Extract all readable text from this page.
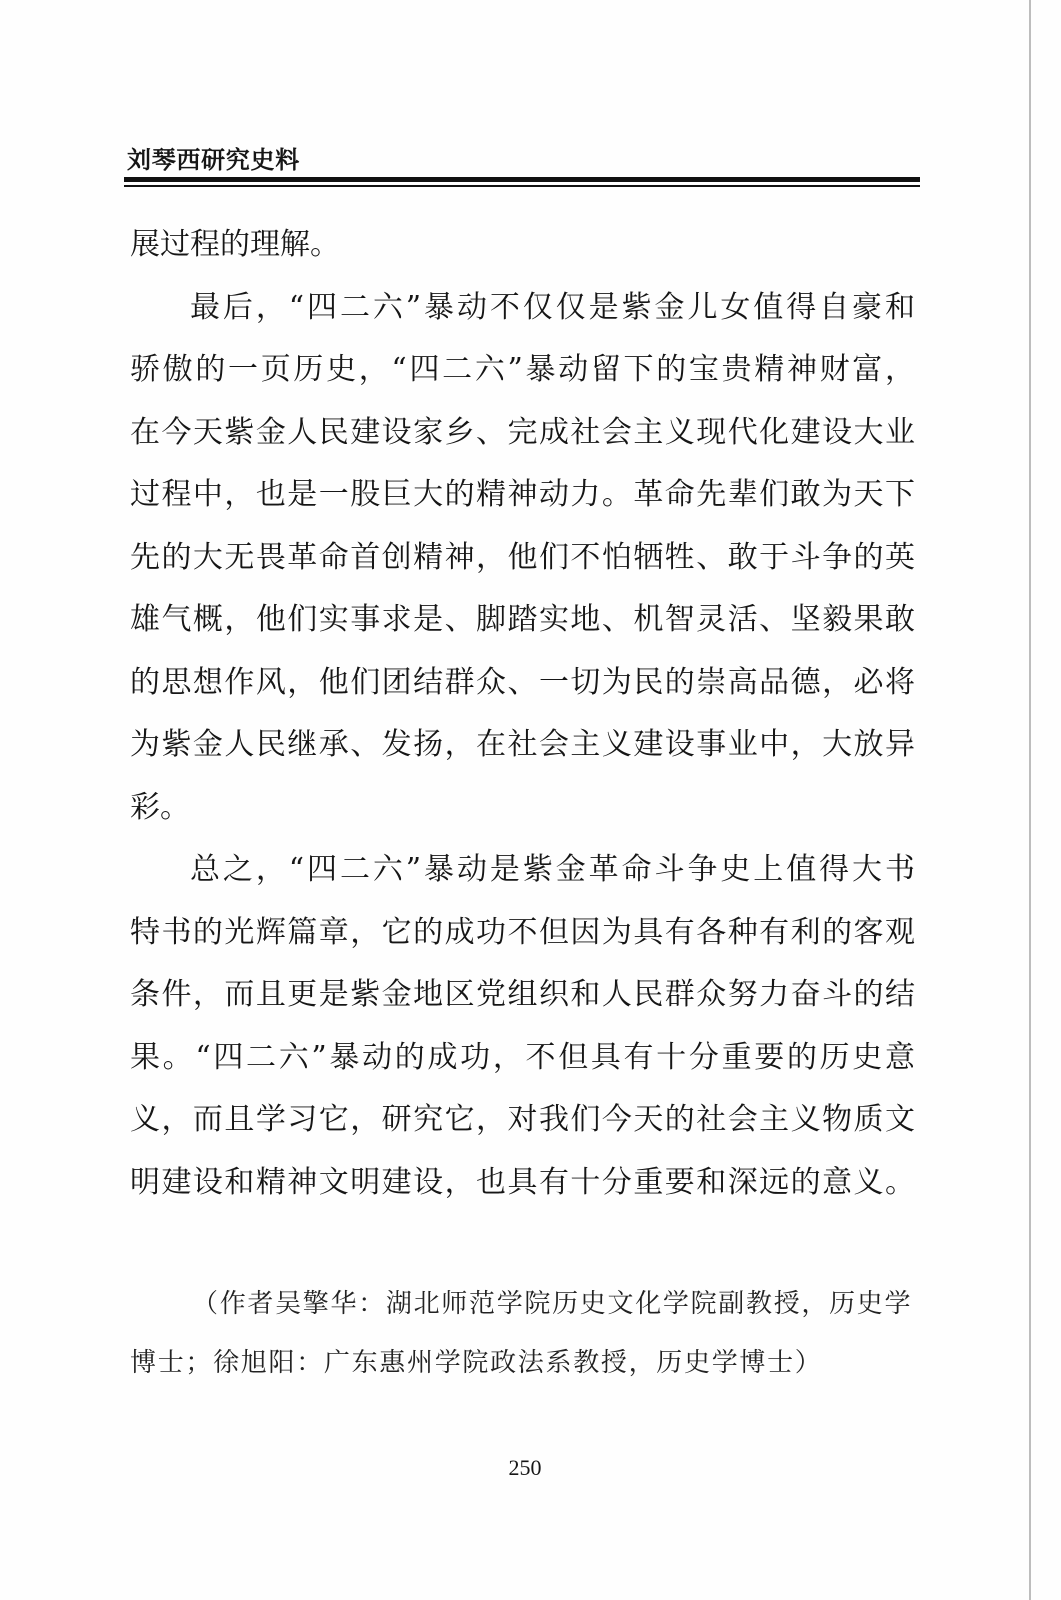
刘琴西研究史料
展过程的理解。
最后，“四二六”暴动不仅仅是紫金儿女值得自豪和
骄傲的一页历史，“四二六”暴动留下的宝贵精神财富，
在今天紫金人民建设家乡、完成社会主义现代化建设大业
过程中，也是一股巨大的精神动力。革命先辈们敢为天下
先的大无畏革命首创精神，他们不怕牺牲、敢于斗争的英
雄气概，他们实事求是、脚踏实地、机智灵活、坚毅果敢
的思想作风，他们团结群众、一切为民的崇高品德，必将
为紫金人民继承、发扬，在社会主义建设事业中，大放异
彩。
总之，“四二六”暴动是紫金革命斗争史上值得大书
特书的光辉篇章，它的成功不但因为具有各种有利的客观
条件，而且更是紫金地区党组织和人民群众努力奋斗的结
果。“四二六”暴动的成功，不但具有十分重要的历史意
义，而且学习它，研究它，对我们今天的社会主义物质文
明建设和精神文明建设，也具有十分重要和深远的意义。
（作者吴擎华：湖北师范学院历史文化学院副教授，历史学
博士；徐旭阳：广东惠州学院政法系教授，历史学博士）
250
